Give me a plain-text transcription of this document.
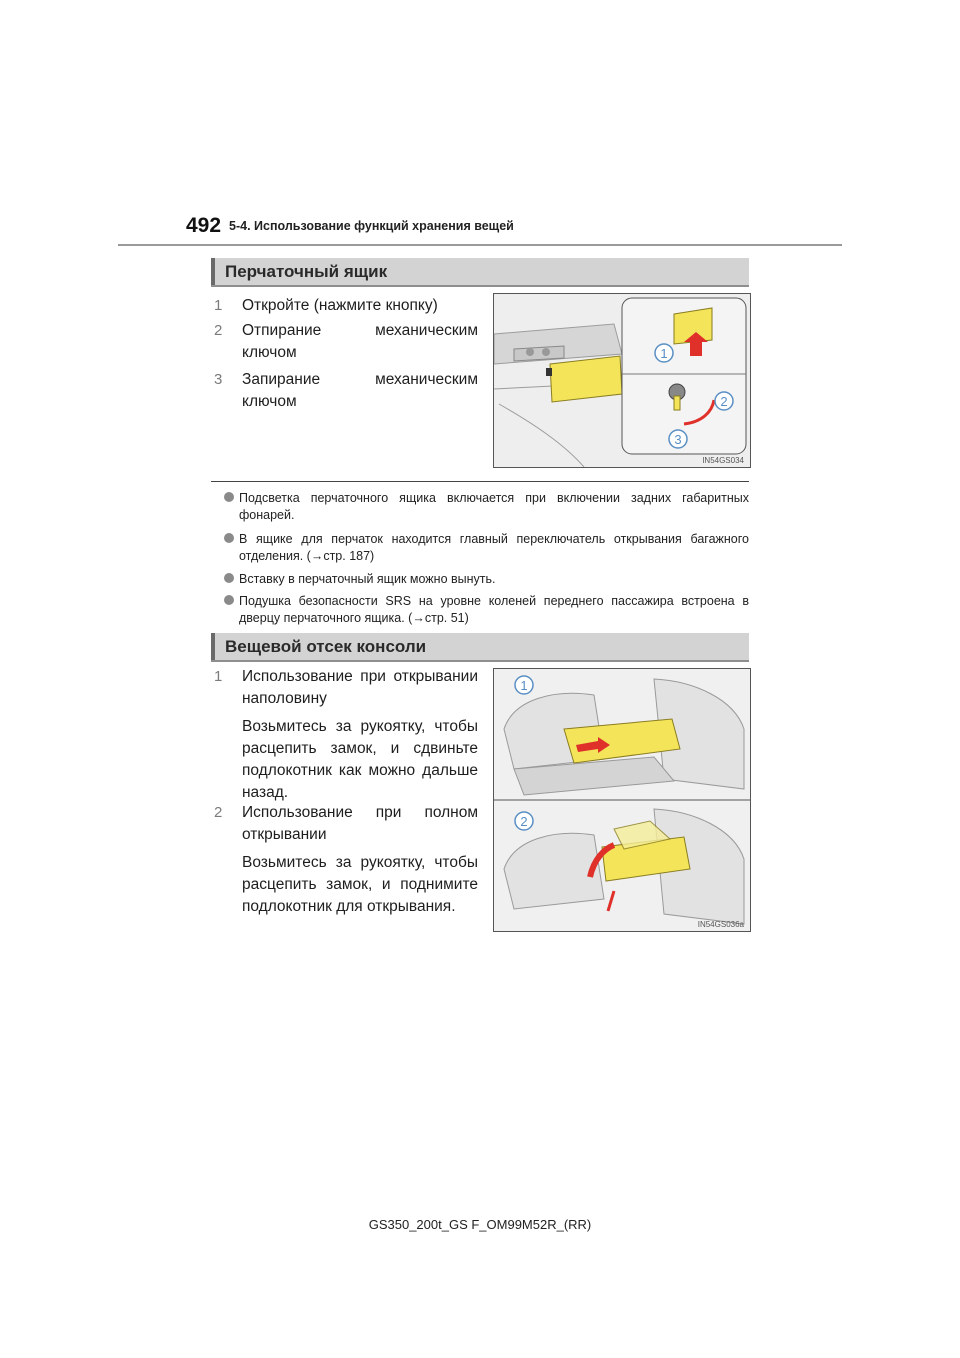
492 5-4. Использование функций хранения вещей
Перчаточный ящик
1 Откройте (нажмите кнопку)
2 Отпирание механическим ключом
3 Запирание механическим ключом
1
2
3
IN54GS034
Подсветка перчаточного ящика включается при включении задних габаритных фонарей.
В ящике для перчаток находится главный переключатель открывания багажного отделения. (→стр. 187)
Вставку в перчаточный ящик можно вынуть.
Подушка безопасности SRS на уровне коленей переднего пассажира встроена в дверцу перчаточного ящика. (→стр. 51)
Вещевой отсек консоли
1 Использование при открывании наполовину

Возьмитесь за рукоятку, чтобы расцепить замок, и сдвиньте подлокотник как можно дальше назад.

2 Использование при полном открывании

Возьмитесь за рукоятку, чтобы расцепить замок, и поднимите подлокотник для открывания.

1
2
IN54GS036a
GS350_200t_GS F_OM99M52R_(RR)
